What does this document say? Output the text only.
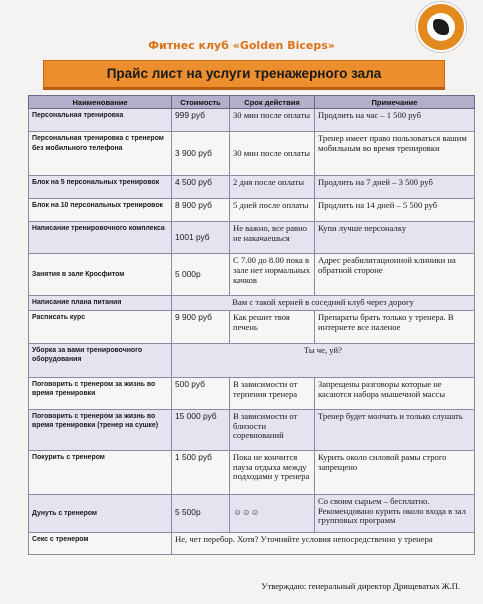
Фитнес клуб «Golden Biceps»
Прайс лист на услуги тренажерного зала
Наименование	Стоимость	Срок действия	Примечание
Персональная тренировка	999 руб	30 мин после оплаты	Продлить на час – 1 500 руб
Персональная тренировка с тренером без мобильного телефона	3 900 руб	30 мин после оплаты	Тренер имеет право пользоваться вашим мобильным во время тренировки
Блок на 5 персональных тренировок	4 500 руб	2 дня после оплаты	Продлить на 7 дней – 3 500 руб
Блок на 10 персональных тренировок	8 900 руб	5 дней после оплаты	Продлить на 14 дней – 5 500 руб
Написание тренировочного комплекса	1001 руб	Не важно, все равно не накачаешься	Купи лучше персоналку
Занятия в зале Кросфитом	5 000р	С 7.00 до 8.00 пока в зале нет нормальных качков	Адрес реабилитационной клиники на обратной стороне
Написание плана питания	Вам с такой херней в соседний клуб через дорогу		
Расписать курс	9 900 руб	Как решит твоя печень	Препараты брать только у тренера. В интернете все паленое
Уборка за вами тренировочного оборудования	Ты че, уй?		
Поговорить с тренером за жизнь во время тренировки	500 руб	В зависимости от терпения тренера	Запрещены разговоры которые не касаются набора мышечной массы
Поговорить с тренером за жизнь во время тренировки (тренер на сушке)	15 000 руб	В зависимости от близости соревнований	Тренер будет молчать и только слушать
Покурить с тренером	1 500 руб	Пока не кончится пауза отдыха между подходами у тренера	Курить около силовой рамы строго запрещено
Дунуть с тренером	5 500р	☺☺☺	Со своим сырьем – бесплатно. Рекомендовано курить около входа в зал групповых программ
Секс с тренером	Не, чет перебор. Хотя? Уточняйте условия непосредственно у тренера		
Утверждаю: генеральный директор Дрищеватых Ж.П.
